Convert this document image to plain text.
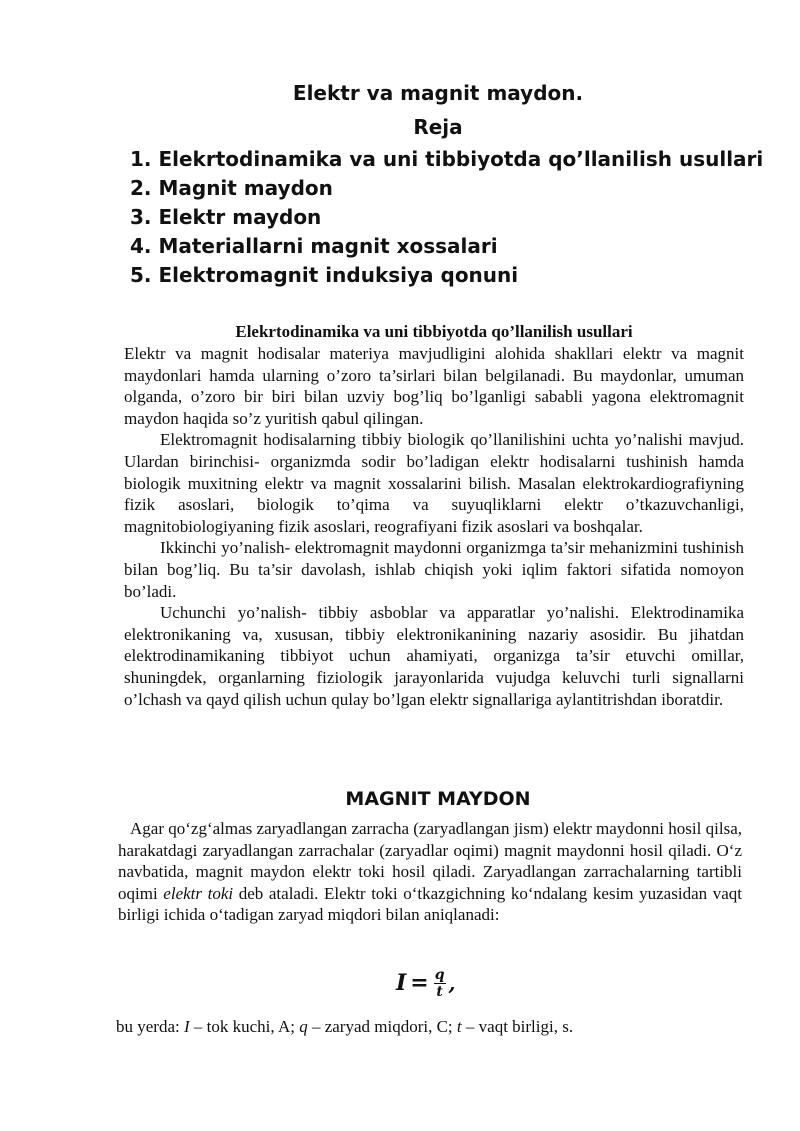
Elektr va magnit maydon.
Reja
1. Elekrtodinamika va uni tibbiyotda qo’llanilish usullari
2. Magnit maydon
3. Elektr maydon
4. Materiallarni magnit xossalari
5. Elektromagnit induksiya qonuni
Elekrtodinamika va uni tibbiyotda qo’llanilish usullari

Elektr va magnit hodisalar materiya mavjudligini alohida shakllari elektr va magnit maydonlari hamda ularning o’zoro ta’sirlari bilan belgilanadi. Bu maydonlar, umuman olganda, o’zoro bir biri bilan uzviy bog’liq bo’lganligi sababli yagona elektromagnit maydon haqida so’z yuritish qabul qilingan.

Elektromagnit hodisalarning tibbiy biologik qo’llanilishini uchta yo’nalishi mavjud. Ulardan birinchisi- organizmda sodir bo’ladigan elektr hodisalarni tushinish hamda biologik muxitning elektr va magnit xossalarini bilish. Masalan elektrokardiografiyning fizik asoslari, biologik to’qima va suyuqliklarni elektr o’tkazuvchanligi, magnitobiologiyaning fizik asoslari, reografiyani fizik asoslari va boshqalar.

Ikkinchi yo’nalish- elektromagnit maydonni organizmga ta’sir mehanizmini tushinish bilan bog’liq. Bu ta’sir davolash, ishlab chiqish yoki iqlim faktori sifatida nomoyon bo’ladi.

Uchunchi yo’nalish- tibbiy asboblar va apparatlar yo’nalishi. Elektrodinamika elektronikaning va, xususan, tibbiy elektronikanining nazariy asosidir. Bu jihatdan elektrodinamikaning tibbiyot uchun ahamiyati, organizga ta’sir etuvchi omillar, shuningdek, organlarning fiziologik jarayonlarida vujudga keluvchi turli signallarni o’lchash va qayd qilish uchun qulay bo’lgan elektr signallariga aylantitrishdan iboratdir.

MAGNIT MAYDON

Agar qo‘zg‘almas zaryadlangan zarracha (zaryadlangan jism) elektr maydonni hosil qilsa, harakatdagi zaryadlangan zarrachalar (zaryadlar oqimi) magnit maydonni hosil qiladi. O‘z navbatida, magnit maydon elektr toki hosil qiladi. Zaryadlangan zarrachalarning tartibli oqimi elektr toki deb ataladi. Elektr toki o‘tkazgichning ko‘ndalang kesim yuzasidan vaqt birligi ichida o‘tadigan zaryad miqdori bilan aniqlanadi:

$I = \frac{q}{t}$ ,
bu yerda: I – tok kuchi, A; q – zaryad miqdori, C; t – vaqt birligi, s.
